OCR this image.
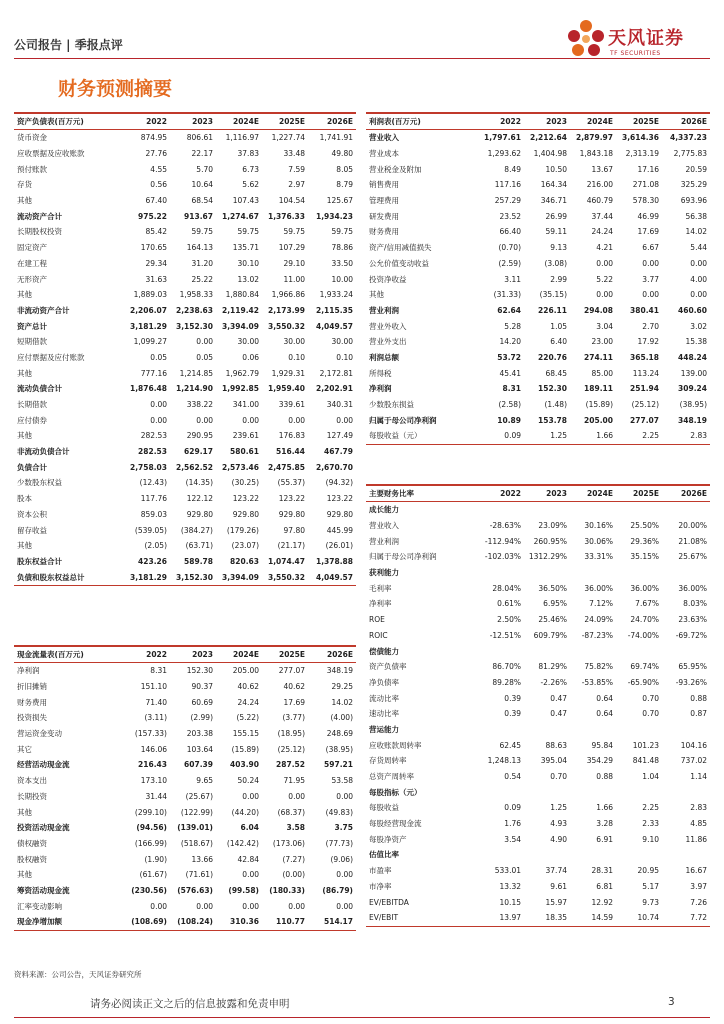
公司报告 | 季报点评	天风证券
TF SECURITIES
财务预测摘要
资产负债表(百万元)	2022	2023	2024E	2025E	2026E
货币资金	874.95	806.61	1,116.97	1,227.74	1,741.91
应收票据及应收账款	27.76	22.17	37.83	33.48	49.80
预付账款	4.55	5.70	6.73	7.59	8.05
存货	0.56	10.64	5.62	2.97	8.79
其他	67.40	68.54	107.43	104.54	125.67
流动资产合计	975.22	913.67	1,274.67	1,376.33	1,934.23
长期股权投资	85.42	59.75	59.75	59.75	59.75
固定资产	170.65	164.13	135.71	107.29	78.86
在建工程	29.34	31.20	30.10	29.10	33.50
无形资产	31.63	25.22	13.02	11.00	10.00
其他	1,889.03	1,958.33	1,880.84	1,966.86	1,933.24
非流动资产合计	2,206.07	2,238.63	2,119.42	2,173.99	2,115.35
资产总计	3,181.29	3,152.30	3,394.09	3,550.32	4,049.57
短期借款	1,099.27	0.00	30.00	30.00	30.00
应付票据及应付账款	0.05	0.05	0.06	0.10	0.10
其他	777.16	1,214.85	1,962.79	1,929.31	2,172.81
流动负债合计	1,876.48	1,214.90	1,992.85	1,959.40	2,202.91
长期借款	0.00	338.22	341.00	339.61	340.31
应付债券	0.00	0.00	0.00	0.00	0.00
其他	282.53	290.95	239.61	176.83	127.49
非流动负债合计	282.53	629.17	580.61	516.44	467.79
负债合计	2,758.03	2,562.52	2,573.46	2,475.85	2,670.70
少数股东权益	(12.43)	(14.35)	(30.25)	(55.37)	(94.32)
股本	117.76	122.12	123.22	123.22	123.22
资本公积	859.03	929.80	929.80	929.80	929.80
留存收益	(539.05)	(384.27)	(179.26)	97.80	445.99
其他	(2.05)	(63.71)	(23.07)	(21.17)	(26.01)
股东权益合计	423.26	589.78	820.63	1,074.47	1,378.88
负债和股东权益总计	3,181.29	3,152.30	3,394.09	3,550.32	4,049.57
利润表(百万元)	2022	2023	2024E	2025E	2026E
营业收入	1,797.61	2,212.64	2,879.97	3,614.36	4,337.23
营业成本	1,293.62	1,404.98	1,843.18	2,313.19	2,775.83
营业税金及附加	8.49	10.50	13.67	17.16	20.59
销售费用	117.16	164.34	216.00	271.08	325.29
管理费用	257.29	346.71	460.79	578.30	693.96
研发费用	23.52	26.99	37.44	46.99	56.38
财务费用	66.40	59.11	24.24	17.69	14.02
资产/信用减值损失	(0.70)	9.13	4.21	6.67	5.44
公允价值变动收益	(2.59)	(3.08)	0.00	0.00	0.00
投资净收益	3.11	2.99	5.22	3.77	4.00
其他	(31.33)	(35.15)	0.00	0.00	0.00
营业利润	62.64	226.11	294.08	380.41	460.60
营业外收入	5.28	1.05	3.04	2.70	3.02
营业外支出	14.20	6.40	23.00	17.92	15.38
利润总额	53.72	220.76	274.11	365.18	448.24
所得税	45.41	68.45	85.00	113.24	139.00
净利润	8.31	152.30	189.11	251.94	309.24
少数股东损益	(2.58)	(1.48)	(15.89)	(25.12)	(38.95)
归属于母公司净利润	10.89	153.78	205.00	277.07	348.19
每股收益（元）	0.09	1.25	1.66	2.25	2.83
主要财务比率	2022	2023	2024E	2025E	2026E
成长能力					
营业收入	-28.63%	23.09%	30.16%	25.50%	20.00%
营业利润	-112.94%	260.95%	30.06%	29.36%	21.08%
归属于母公司净利润	-102.03%	1312.29%	33.31%	35.15%	25.67%
获利能力					
毛利率	28.04%	36.50%	36.00%	36.00%	36.00%
净利率	0.61%	6.95%	7.12%	7.67%	8.03%
ROE	2.50%	25.46%	24.09%	24.70%	23.63%
ROIC	-12.51%	609.79%	-87.23%	-74.00%	-69.72%
偿债能力					
资产负债率	86.70%	81.29%	75.82%	69.74%	65.95%
净负债率	89.28%	-2.26%	-53.85%	-65.90%	-93.26%
流动比率	0.39	0.47	0.64	0.70	0.88
速动比率	0.39	0.47	0.64	0.70	0.87
营运能力					
应收账款周转率	62.45	88.63	95.84	101.23	104.16
存货周转率	1,248.13	395.04	354.29	841.48	737.02
总资产周转率	0.54	0.70	0.88	1.04	1.14
每股指标（元）					
每股收益	0.09	1.25	1.66	2.25	2.83
每股经营现金流	1.76	4.93	3.28	2.33	4.85
每股净资产	3.54	4.90	6.91	9.10	11.86
估值比率					
市盈率	533.01	37.74	28.31	20.95	16.67
市净率	13.32	9.61	6.81	5.17	3.97
EV/EBITDA	10.15	15.97	12.92	9.73	7.26
EV/EBIT	13.97	18.35	14.59	10.74	7.72
现金流量表(百万元)	2022	2023	2024E	2025E	2026E
净利润	8.31	152.30	205.00	277.07	348.19
折旧摊销	151.10	90.37	40.62	40.62	29.25
财务费用	71.40	60.69	24.24	17.69	14.02
投资损失	(3.11)	(2.99)	(5.22)	(3.77)	(4.00)
营运资金变动	(157.33)	203.38	155.15	(18.95)	248.69
其它	146.06	103.64	(15.89)	(25.12)	(38.95)
经营活动现金流	216.43	607.39	403.90	287.52	597.21
资本支出	173.10	9.65	50.24	71.95	53.58
长期投资	31.44	(25.67)	0.00	0.00	0.00
其他	(299.10)	(122.99)	(44.20)	(68.37)	(49.83)
投资活动现金流	(94.56)	(139.01)	6.04	3.58	3.75
债权融资	(166.99)	(518.67)	(142.42)	(173.06)	(77.73)
股权融资	(1.90)	13.66	42.84	(7.27)	(9.06)
其他	(61.67)	(71.61)	0.00	(0.00)	0.00
筹资活动现金流	(230.56)	(576.63)	(99.58)	(180.33)	(86.79)
汇率变动影响	0.00	0.00	0.00	0.00	0.00
现金净增加额	(108.69)	(108.24)	310.36	110.77	514.17
资料来源：公司公告，天风证券研究所
请务必阅读正文之后的信息披露和免责申明	3
